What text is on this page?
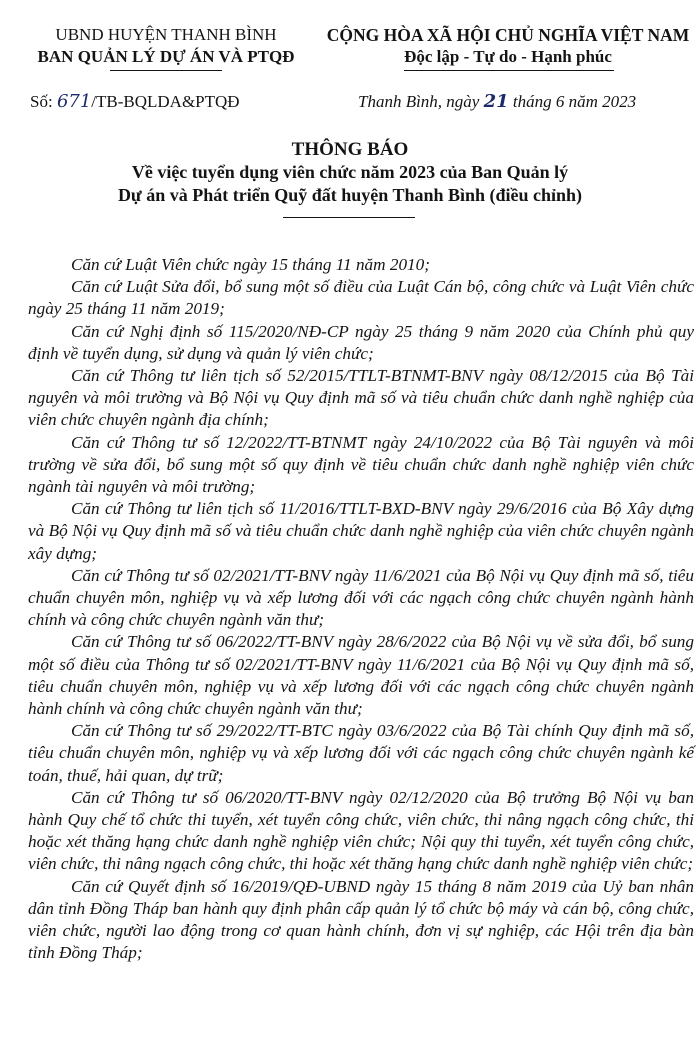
UBND HUYỆN THANH BÌNH
BAN QUẢN LÝ DỰ ÁN VÀ PTQĐ
CỘNG HÒA XÃ HỘI CHỦ NGHĨA VIỆT NAM
Độc lập - Tự do - Hạnh phúc
Số: 671/TB-BQLDA&PTQĐ	Thanh Bình, ngày 21 tháng 6 năm 2023
THÔNG BÁO
Về việc tuyển dụng viên chức năm 2023 của Ban Quản lý
Dự án và Phát triển Quỹ đất huyện Thanh Bình (điều chỉnh)

Căn cứ Luật Viên chức ngày 15 tháng 11 năm 2010;

Căn cứ Luật Sửa đổi, bổ sung một số điều của Luật Cán bộ, công chức và Luật Viên chức ngày 25 tháng 11 năm 2019;

Căn cứ Nghị định số 115/2020/NĐ-CP ngày 25 tháng 9 năm 2020 của Chính phủ quy định về tuyển dụng, sử dụng và quản lý viên chức;

Căn cứ Thông tư liên tịch số 52/2015/TTLT-BTNMT-BNV ngày 08/12/2015 của Bộ Tài nguyên và môi trường và Bộ Nội vụ Quy định mã số và tiêu chuẩn chức danh nghề nghiệp của viên chức chuyên ngành địa chính;

Căn cứ Thông tư số 12/2022/TT-BTNMT ngày 24/10/2022 của Bộ Tài nguyên và môi trường về sửa đổi, bổ sung một số quy định về tiêu chuẩn chức danh nghề nghiệp viên chức ngành tài nguyên và môi trường;

Căn cứ Thông tư liên tịch số 11/2016/TTLT-BXD-BNV ngày 29/6/2016 của Bộ Xây dựng và Bộ Nội vụ Quy định mã số và tiêu chuẩn chức danh nghề nghiệp của viên chức chuyên ngành xây dựng;

Căn cứ Thông tư số 02/2021/TT-BNV ngày 11/6/2021 của Bộ Nội vụ Quy định mã số, tiêu chuẩn chuyên môn, nghiệp vụ và xếp lương đối với các ngạch công chức chuyên ngành hành chính và công chức chuyên ngành văn thư;

Căn cứ Thông tư số 06/2022/TT-BNV ngày 28/6/2022 của Bộ Nội vụ về sửa đổi, bổ sung một số điều của Thông tư số 02/2021/TT-BNV ngày 11/6/2021 của Bộ Nội vụ Quy định mã số, tiêu chuẩn chuyên môn, nghiệp vụ và xếp lương đối với các ngạch công chức chuyên ngành hành chính và công chức chuyên ngành văn thư;

Căn cứ Thông tư số 29/2022/TT-BTC ngày 03/6/2022 của Bộ Tài chính Quy định mã số, tiêu chuẩn chuyên môn, nghiệp vụ và xếp lương đối với các ngạch công chức chuyên ngành kế toán, thuế, hải quan, dự trữ;

Căn cứ Thông tư số 06/2020/TT-BNV ngày 02/12/2020 của Bộ trưởng Bộ Nội vụ ban hành Quy chế tổ chức thi tuyển, xét tuyển công chức, viên chức, thi nâng ngạch công chức, thi hoặc xét thăng hạng chức danh nghề nghiệp viên chức; Nội quy thi tuyển, xét tuyển công chức, viên chức, thi nâng ngạch công chức, thi hoặc xét thăng hạng chức danh nghề nghiệp viên chức;

Căn cứ Quyết định số 16/2019/QĐ-UBND ngày 15 tháng 8 năm 2019 của Uỷ ban nhân dân tỉnh Đồng Tháp ban hành quy định phân cấp quản lý tổ chức bộ máy và cán bộ, công chức, viên chức, người lao động trong cơ quan hành chính, đơn vị sự nghiệp, các Hội trên địa bàn tỉnh Đồng Tháp;
